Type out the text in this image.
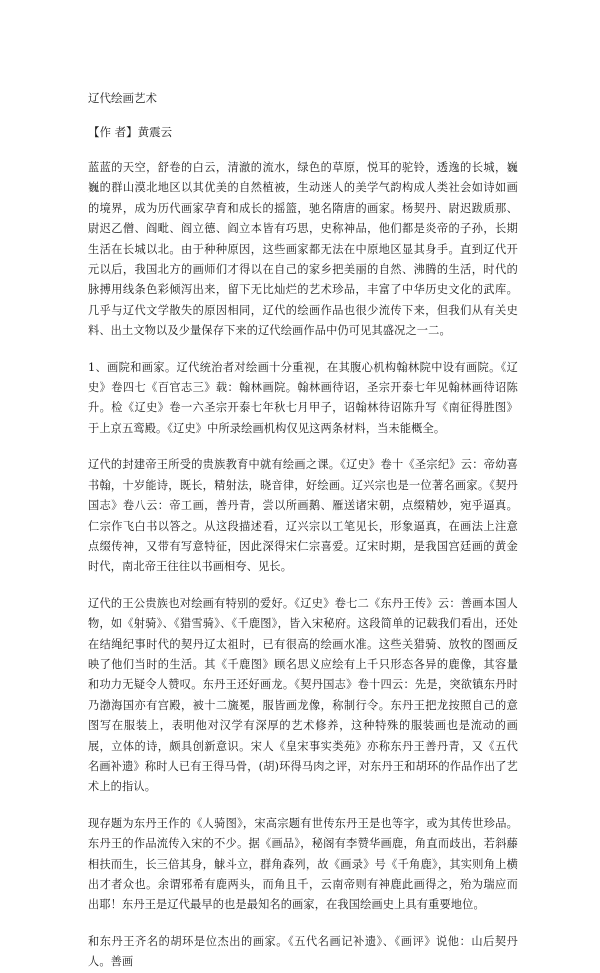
辽代绘画艺术
【作 者】黄震云

蓝蓝的天空，舒卷的白云，清澈的流水，绿色的草原，悦耳的驼铃，透逸的长城，巍巍的群山漠北地区以其优美的自然植被，生动迷人的美学气韵构成人类社会如诗如画的境界，成为历代画家孕育和成长的摇篮，驰名隋唐的画家。杨契丹、尉迟跋质那、尉迟乙僧、阎毗、阎立德、阎立本皆有巧思，史称神品，他们都是炎帝的子孙，长期生活在长城以北。由于种种原因，这些画家都无法在中原地区显其身手。直到辽代开元以后，我国北方的画师们才得以在自己的家乡把美丽的自然、沸腾的生活，时代的脉搏用线条色彩倾泻出来，留下无比灿烂的艺术珍品，丰富了中华历史文化的武库。几乎与辽代文学散失的原因相同，辽代的绘画作品也很少流传下来，但我们从有关史料、出土文物以及少量保存下来的辽代绘画作品中仍可见其盛况之一二。

1、画院和画家。辽代统治者对绘画十分重视，在其腹心机构翰林院中设有画院。《辽史》卷四七《百官志三》载：翰林画院。翰林画待诏，圣宗开泰七年见翰林画待诏陈升。检《辽史》卷一六圣宗开泰七年秋七月甲子，诏翰林待诏陈升写《南征得胜图》于上京五鸾殿。《辽史》中所录绘画机构仅见这两条材料，当未能概全。

辽代的封建帝王所受的贵族教育中就有绘画之课。《辽史》卷十《圣宗纪》云：帝幼喜书翰，十岁能诗，既长，精射法，晓音律，好绘画。辽兴宗也是一位著名画家。《契丹国志》卷八云：帝工画，善丹青，尝以所画鹅、雁送诸宋朝，点缀精妙，宛乎逼真。仁宗作飞白书以答之。从这段描述看，辽兴宗以工笔见长，形象逼真，在画法上注意点缀传神，又带有写意特征，因此深得宋仁宗喜爱。辽宋时期，是我国宫廷画的黄金时代，南北帝王往往以书画相夸、见长。

辽代的王公贵族也对绘画有特别的爱好。《辽史》卷七二《东丹王传》云：善画本国人物，如《射骑》、《猎雪骑》、《千鹿图》，皆入宋秘府。这段简单的记载我们看出，还处在结绳纪事时代的契丹辽太祖时，已有很高的绘画水准。这些关猎骑、放牧的图画反映了他们当时的生活。其《千鹿图》顾名思义应绘有上千只形态各异的鹿像，其容量和功力无疑令人赞叹。东丹王还好画龙。《契丹国志》卷十四云：先是，突欲镇东丹时乃渤海国亦有宫殿，被十二旒冕，服皆画龙像，称制行令。东丹王把龙按照自己的意图写在服装上，表明他对汉学有深厚的艺术修养，这种特殊的服装画也是流动的画展，立体的诗，颇具创新意识。宋人《皇宋事实类苑》亦称东丹王善丹青，又《五代名画补遗》称时人已有王得马骨，(胡)环得马肉之评，对东丹王和胡环的作品作出了艺术上的指认。

现存题为东丹王作的《人骑图》，宋高宗题有世传东丹王是也等字，或为其传世珍品。东丹王的作品流传入宋的不少。据《画品》，秘阁有李赞华画鹿，角直而歧出，若斜藤相扶而生，长三倍其身，觩斗立，群角森列，故《画录》号《千角鹿》，其实则角上横出才者众也。余谓邪希有鹿两头，而角且千，云南帝则有神鹿此画得之，殆为瑞应而出耶！东丹王是辽代最早的也是最知名的画家，在我国绘画史上具有重要地位。

和东丹王齐名的胡环是位杰出的画家。《五代名画记补遗》、《画评》说他：山后契丹人。善画
